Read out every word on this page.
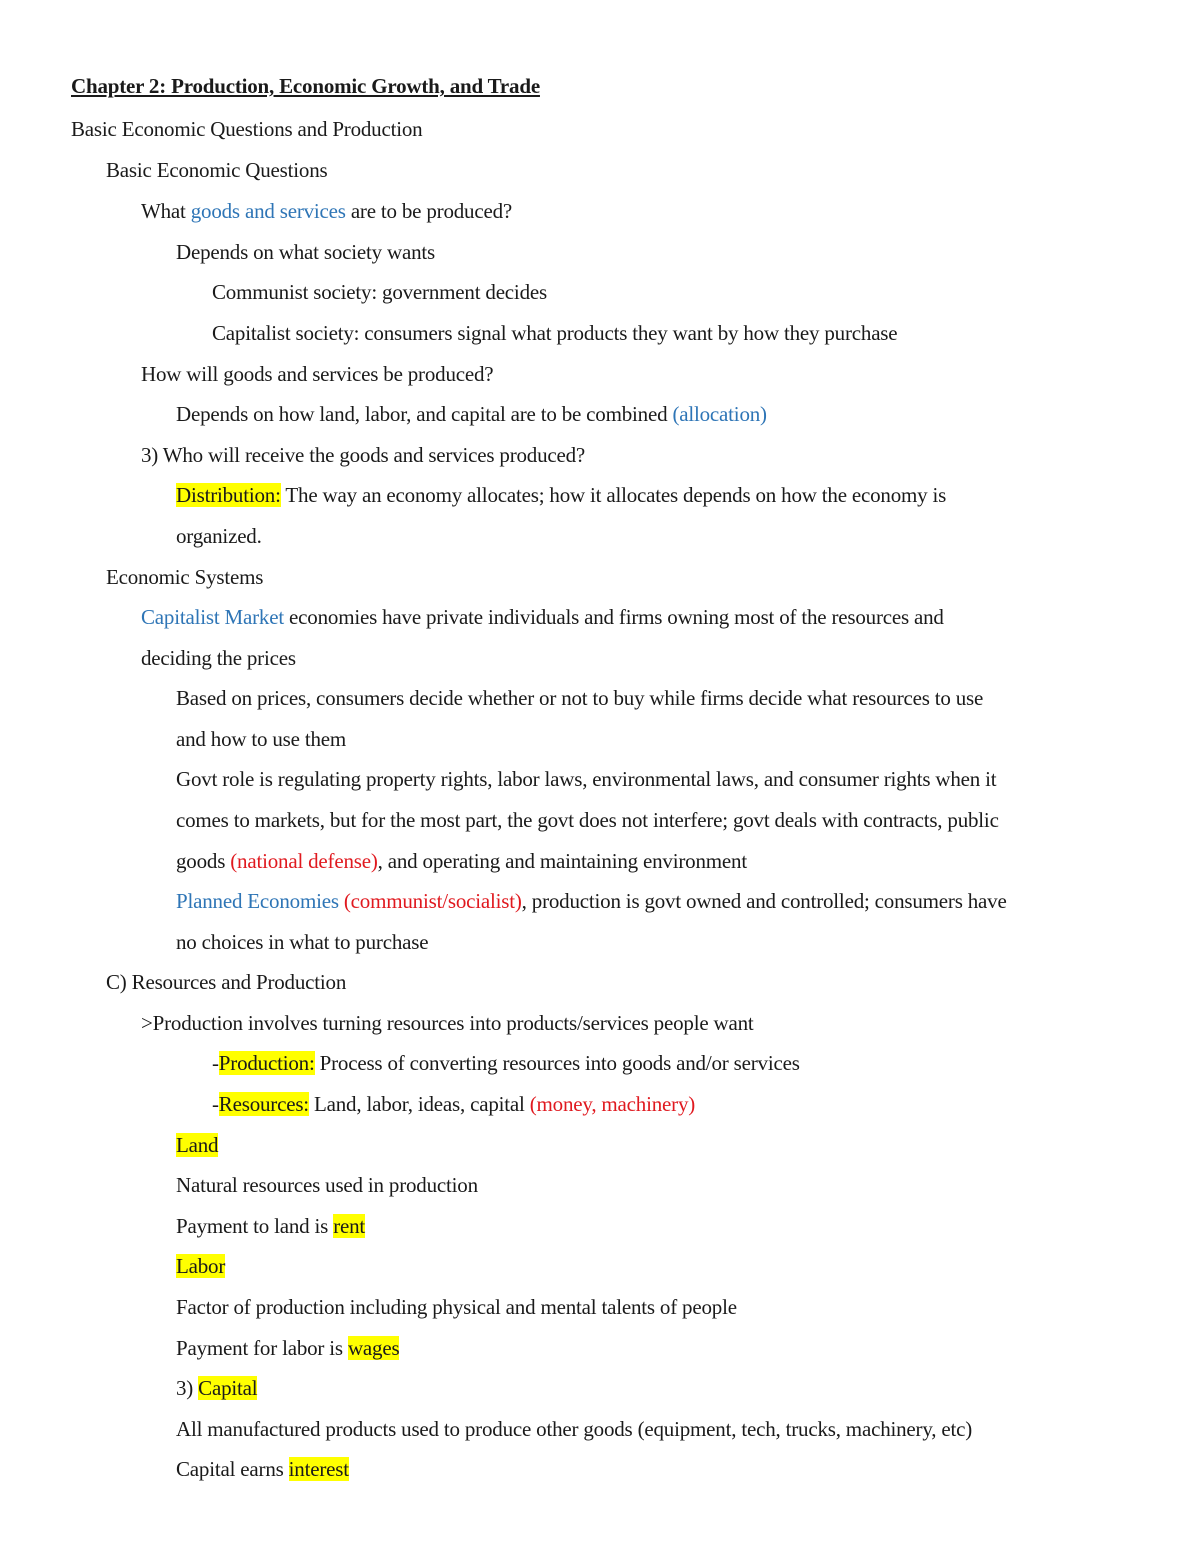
Chapter 2: Production, Economic Growth, and Trade
Basic Economic Questions and Production
Basic Economic Questions
What goods and services are to be produced?
Depends on what society wants
Communist society: government decides
Capitalist society: consumers signal what products they want by how they purchase
How will goods and services be produced?
Depends on how land, labor, and capital are to be combined (allocation)
3) Who will receive the goods and services produced?
Distribution: The way an economy allocates; how it allocates depends on how the economy is
organized.
Economic Systems
Capitalist Market economies have private individuals and firms owning most of the resources and
deciding the prices
Based on prices, consumers decide whether or not to buy while firms decide what resources to use
and how to use them
Govt role is regulating property rights, labor laws, environmental laws, and consumer rights when it
comes to markets, but for the most part, the govt does not interfere; govt deals with contracts, public
goods (national defense), and operating and maintaining environment
Planned Economies (communist/socialist), production is govt owned and controlled; consumers have
no choices in what to purchase
C) Resources and Production
>Production involves turning resources into products/services people want
-Production: Process of converting resources into goods and/or services
-Resources: Land, labor, ideas, capital (money, machinery)
Land
Natural resources used in production
Payment to land is rent
Labor
Factor of production including physical and mental talents of people
Payment for labor is wages
3) Capital
All manufactured products used to produce other goods (equipment, tech, trucks, machinery, etc)
Capital earns interest
